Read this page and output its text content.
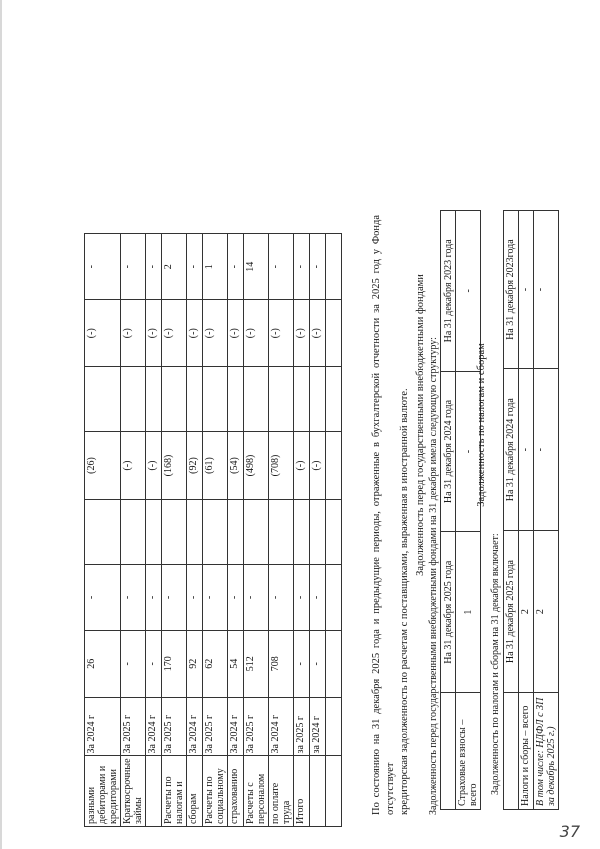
разными дебиторами и кредиторами	За 2024 г	26	-		(26)		(-)	-
Краткосрочные займы	За 2025 г	-	-		(-)		(-)	-
	За 2024 г	-	-		(-)		(-)	-
Расчеты по налогам и	За 2025 г	170	-		(168)		(-)	2
сборам	За 2024 г	92	-		(92)		(-)	-
Расчеты по социальному	За 2025 г	62	-		(61)		(-)	1
страхованию	За 2024 г	54	-		(54)		(-)	-
Расчеты с персоналом	За 2025 г	512	-		(498)		(-)	14
по оплате труда	За 2024 г	708	-		(708)		(-)	-
Итого	за 2025 г	-	-		(-)		(-)	-
	за 2024 г	-	-		(-)		(-)	-
									По состоянию на 31 декабря 2025 года и предыдущие периоды, отраженные в бухгалтерской отчетности за 2025 год у Фонда отсутствует кредиторская задолженность по расчетам с поставщиками, выраженная в иностранной валюте. Задолженность перед государственными внебюджетными фондами Задолженность перед государственными внебюджетными фондами на 31 декабря имела следующую структуру:
	На 31 декабря 2025 года	На 31 декабря 2024 года	На 31 декабря 2023 года
Страховые взносы – всего	1	-	-
Задолженность по налогам и сборам
Задолженность по налогам и сборам на 31 декабря включает:
	На 31 декабря 2025 года	На 31 декабря 2024 года	На 31 декабря 2023года
Налоги и сборы – всего	2	-	-
В том числе: НДФЛ с ЗП за декабрь 2025 г.)	2	-	-
37
